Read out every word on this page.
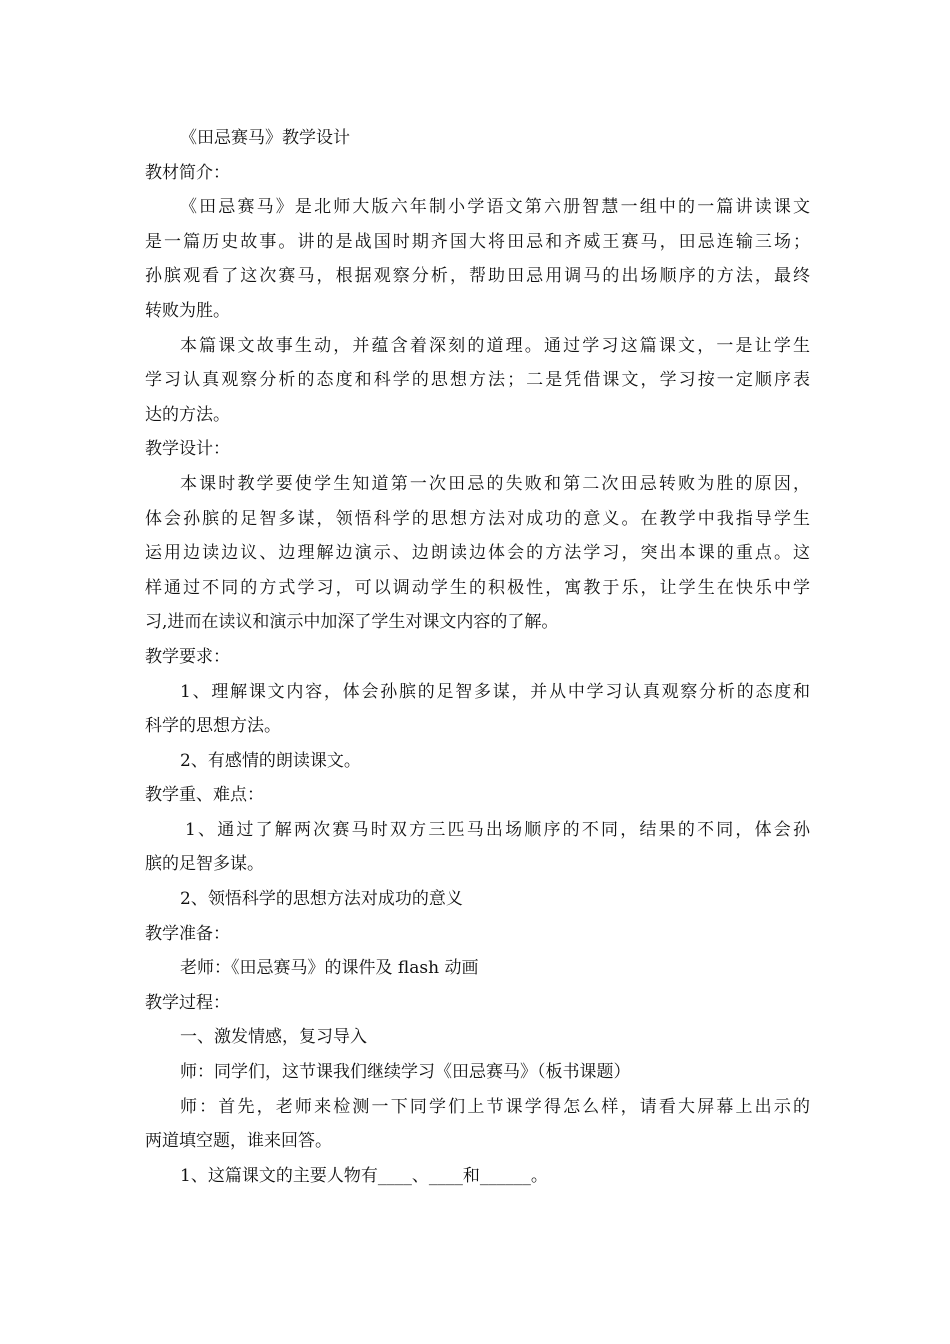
《田忌赛马》教学设计
教材简介：
《田忌赛马》是北师大版六年制小学语文第六册智慧一组中的一篇讲读课文
是一篇历史故事。讲的是战国时期齐国大将田忌和齐威王赛马，田忌连输三场；
孙膑观看了这次赛马，根据观察分析，帮助田忌用调马的出场顺序的方法，最终
转败为胜。
本篇课文故事生动，并蕴含着深刻的道理。通过学习这篇课文，一是让学生
学习认真观察分析的态度和科学的思想方法；二是凭借课文，学习按一定顺序表
达的方法。
教学设计：
本课时教学要使学生知道第一次田忌的失败和第二次田忌转败为胜的原因，
体会孙膑的足智多谋，领悟科学的思想方法对成功的意义。在教学中我指导学生
运用边读边议、边理解边演示、边朗读边体会的方法学习，突出本课的重点。这
样通过不同的方式学习，可以调动学生的积极性，寓教于乐，让学生在快乐中学
习,进而在读议和演示中加深了学生对课文内容的了解。
教学要求：
1、理解课文内容，体会孙膑的足智多谋，并从中学习认真观察分析的态度和
科学的思想方法。
2、有感情的朗读课文。
教学重、难点：
1、通过了解两次赛马时双方三匹马出场顺序的不同，结果的不同，体会孙
膑的足智多谋。
2、领悟科学的思想方法对成功的意义
教学准备：
老师：《田忌赛马》的课件及 flash 动画
教学过程：
一、激发情感，复习导入
师：同学们，这节课我们继续学习《田忌赛马》（板书课题）
师：首先，老师来检测一下同学们上节课学得怎么样，请看大屏幕上出示的
两道填空题，谁来回答。
1、这篇课文的主要人物有____、____和______。
